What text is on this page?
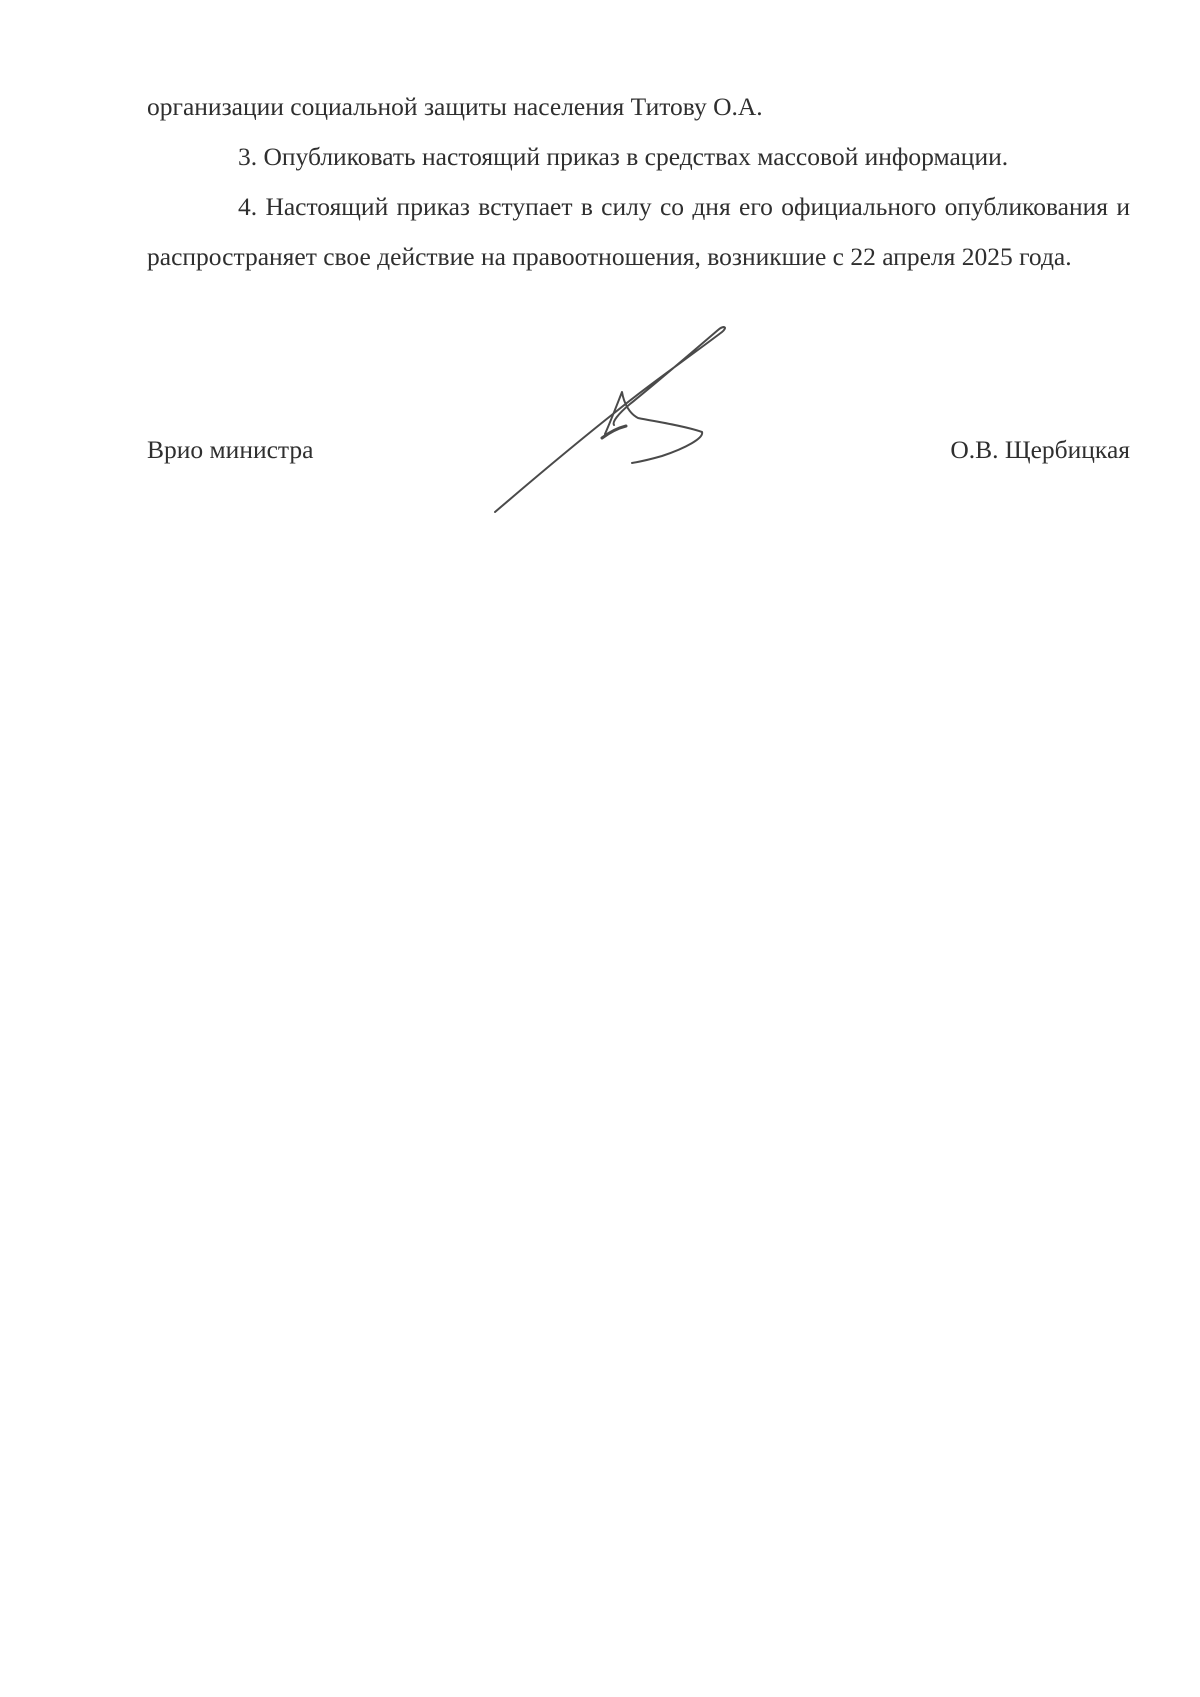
организации социальной защиты населения Титову О.А.

3. Опубликовать настоящий приказ в средствах массовой информации.

4. Настоящий приказ вступает в силу со дня его официального опубликования и распространяет свое действие на правоотношения, возникшие с 22 апреля 2025 года.

Врио министра	О.В. Щербицкая
